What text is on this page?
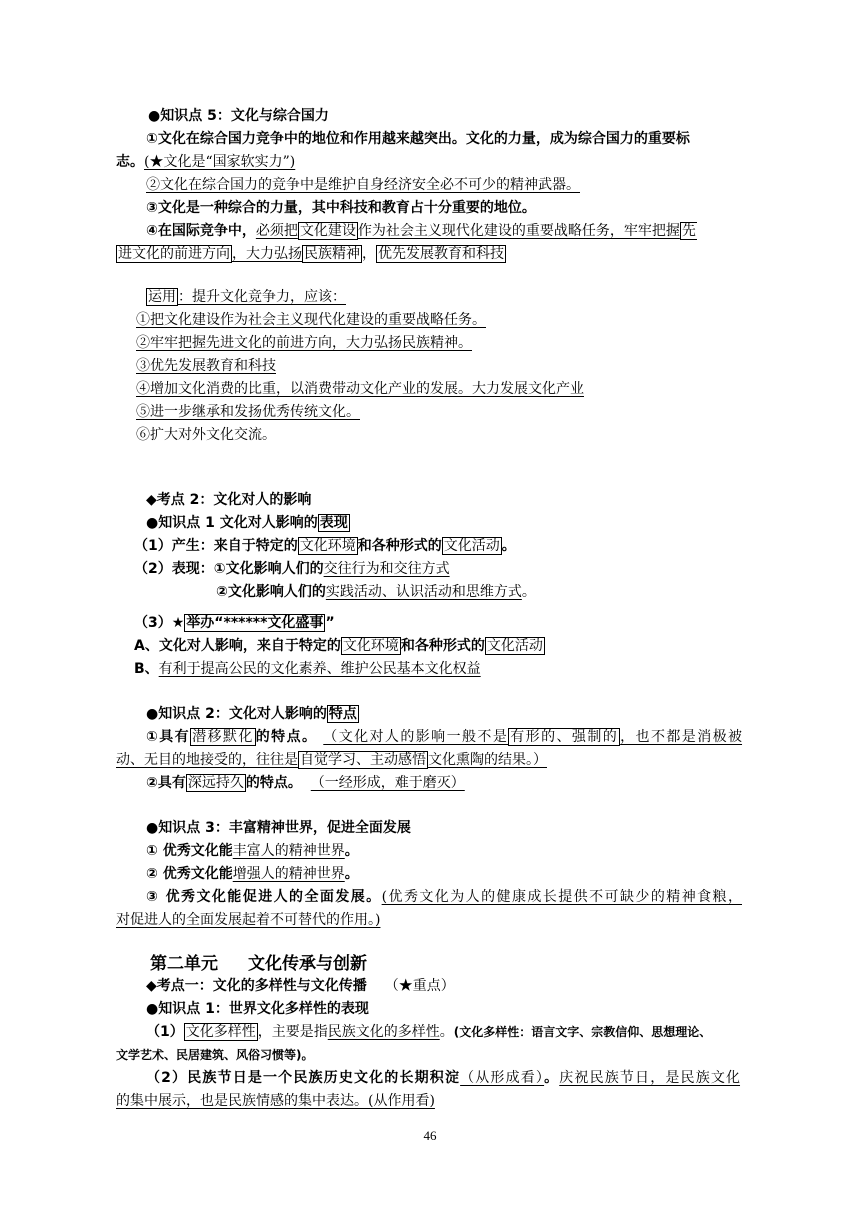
●知识点 5：文化与综合国力
①文化在综合国力竞争中的地位和作用越来越突出。文化的力量，成为综合国力的重要标
志。(★文化是“国家软实力”)
②文化在综合国力的竞争中是维护自身经济安全必不可少的精神武器。
③文化是一种综合的力量，其中科技和教育占十分重要的地位。
④在国际竞争中，必须把 文化建设 作为社会主义现代化建设的重要战略任务，牢牢把握 先
进文化的前进方向 ，大力弘扬 民族精神 ， 优先发展教育和科技
运用 ：提升文化竞争力，应该：
①把文化建设作为社会主义现代化建设的重要战略任务。
②牢牢把握先进文化的前进方向，大力弘扬民族精神。
③优先发展教育和科技
④增加文化消费的比重，以消费带动文化产业的发展。大力发展文化产业
⑤进一步继承和发扬优秀传统文化。
⑥扩大对外文化交流。
◆考点 2：文化对人的影响
●知识点 1 文化对人影响的 表现
（1）产生：来自于特定的 文化环境 和各种形式的 文化活动 。
（2）表现：①文化影响人们的交往行为和交往方式
②文化影响人们的实践活动、认识活动和思维方式。
（3）★ 举办“******文化盛事 ”
A、文化对人影响，来自于特定的 文化环境 和各种形式的 文化活动
B、有利于提高公民的文化素养、维护公民基本文化权益
●知识点 2：文化对人影响的 特点
①具有 潜移默化 的特点。 （文化对人的影响一般不是 有形的、强制的 ，也不都是消极被
动、无目的地接受的，往往是 自觉学习、主动感悟 文化熏陶的结果。）
②具有 深远持久 的特点。 （一经形成，难于磨灭）
●知识点 3：丰富精神世界，促进全面发展
① 优秀文化能丰富人的精神世界。
② 优秀文化能增强人的精神世界。
③ 优秀文化能促进人的全面发展。(优秀文化为人的健康成长提供不可缺少的精神食粮，
对促进人的全面发展起着不可替代的作用。)
第二单元 文化传承与创新
◆考点一：文化的多样性与文化传播 （★重点）
●知识点 1：世界文化多样性的表现
（1） 文化多样性 ，主要是指民族文化的多样性。(文化多样性：语言文字、宗教信仰、思想理论、
文学艺术、民居建筑、风俗习惯等)。
（2）民族节日是一个民族历史文化的长期积淀（从形成看）。庆祝民族节日，是民族文化
的集中展示，也是民族情感的集中表达。(从作用看)
46
